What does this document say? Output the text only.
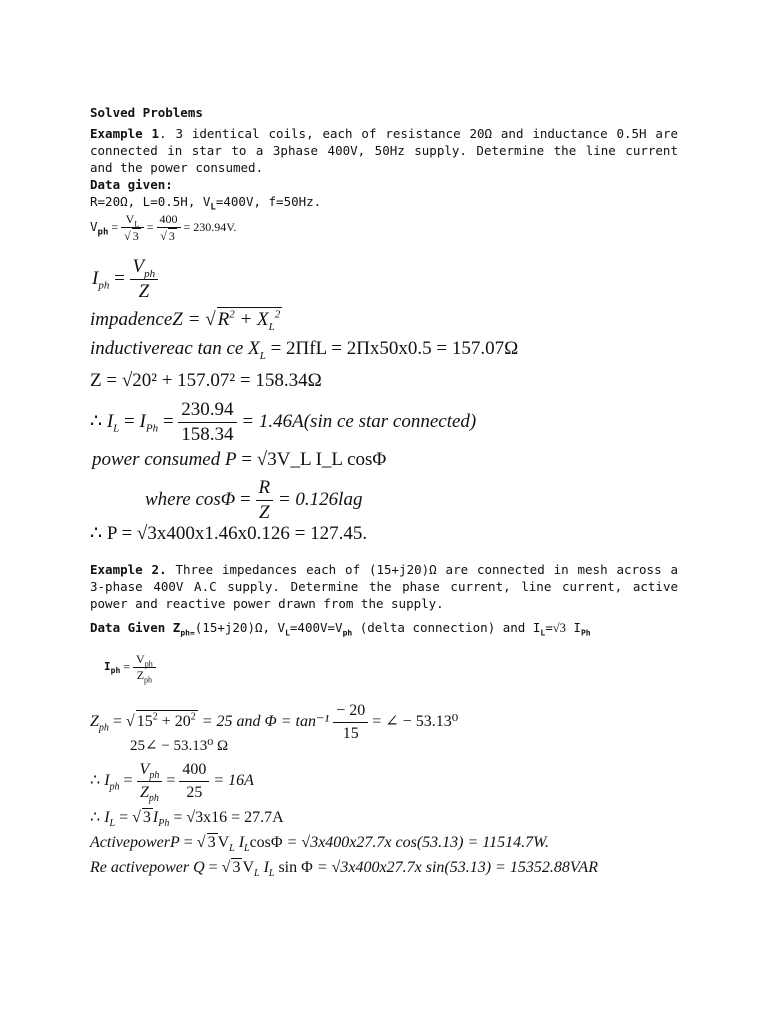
Solved Problems
Example 1. 3 identical coils, each of resistance 20Ω and inductance 0.5H are connected in star to a 3phase 400V, 50Hz supply. Determine the line current and the power consumed.
Data given:
R=20Ω, L=0.5H, $V_L=400V$, f=50Hz.
$V_{ph} = \frac{V_L}{√ 3} = \frac{400}{√ 3} = 230.94V$.
$I_{ph} = \frac{V_{ph}}{Z}$
impadenceZ = √ $R^2 + X_L^2$
inductivereac tan ce $X_L = 2\Pi fL = 2\Pi x50x0.5 = 157.07\Omega$
Z = √20² + 157.07² = 158.34Ω
∴ $I_L = I_{Ph} = \frac{230.94}{158.34} = 1.46A(\sin$ ce star connected)
power consumed P = √3V_L I_L cosΦ
where $\cos\Phi = \frac{R}{Z} = 0.126lag$
∴ P = √3x400x1.46x0.126 = 127.45.
Example 2. Three impedances each of (15+j20)Ω are connected in mesh across a 3-phase 400V A.C supply. Determine the phase current, line current, active power and reactive power drawn from the supply.
Data Given $Z_{ph=}(15+j20)\Omega$, $V_L=400V=V_{ph}$ (delta connection) and $I_L=√3$ $I_{Ph}$
$I_{ph} = \frac{V_{ph}}{Z_{ph}}$
$Z_{ph}$ = √ $15^2 + 20^2 = 25$ and $\Phi = \tan^{-1} \frac{- 20}{15}$ = ∠ − 53.13⁰
25∠ − 53.13⁰ Ω
∴ $I_{ph} = \frac{V_{ph}}{Z_{ph}} = \frac{400}{25} = 16A$
∴ $I_L$ = √ 3 $I_{Ph} = √3x16 = 27.7A$
ActivepowerP = √ 3 $V_L$ $I_L\cos\Phi = √3x400x27.7x$ cos(53.13) = 11514.7W.
Re activepower Q = √ 3 $V_L$ $I_L$ sin Φ = √3x400x27.7x sin(53.13) = 15352.88VAR
